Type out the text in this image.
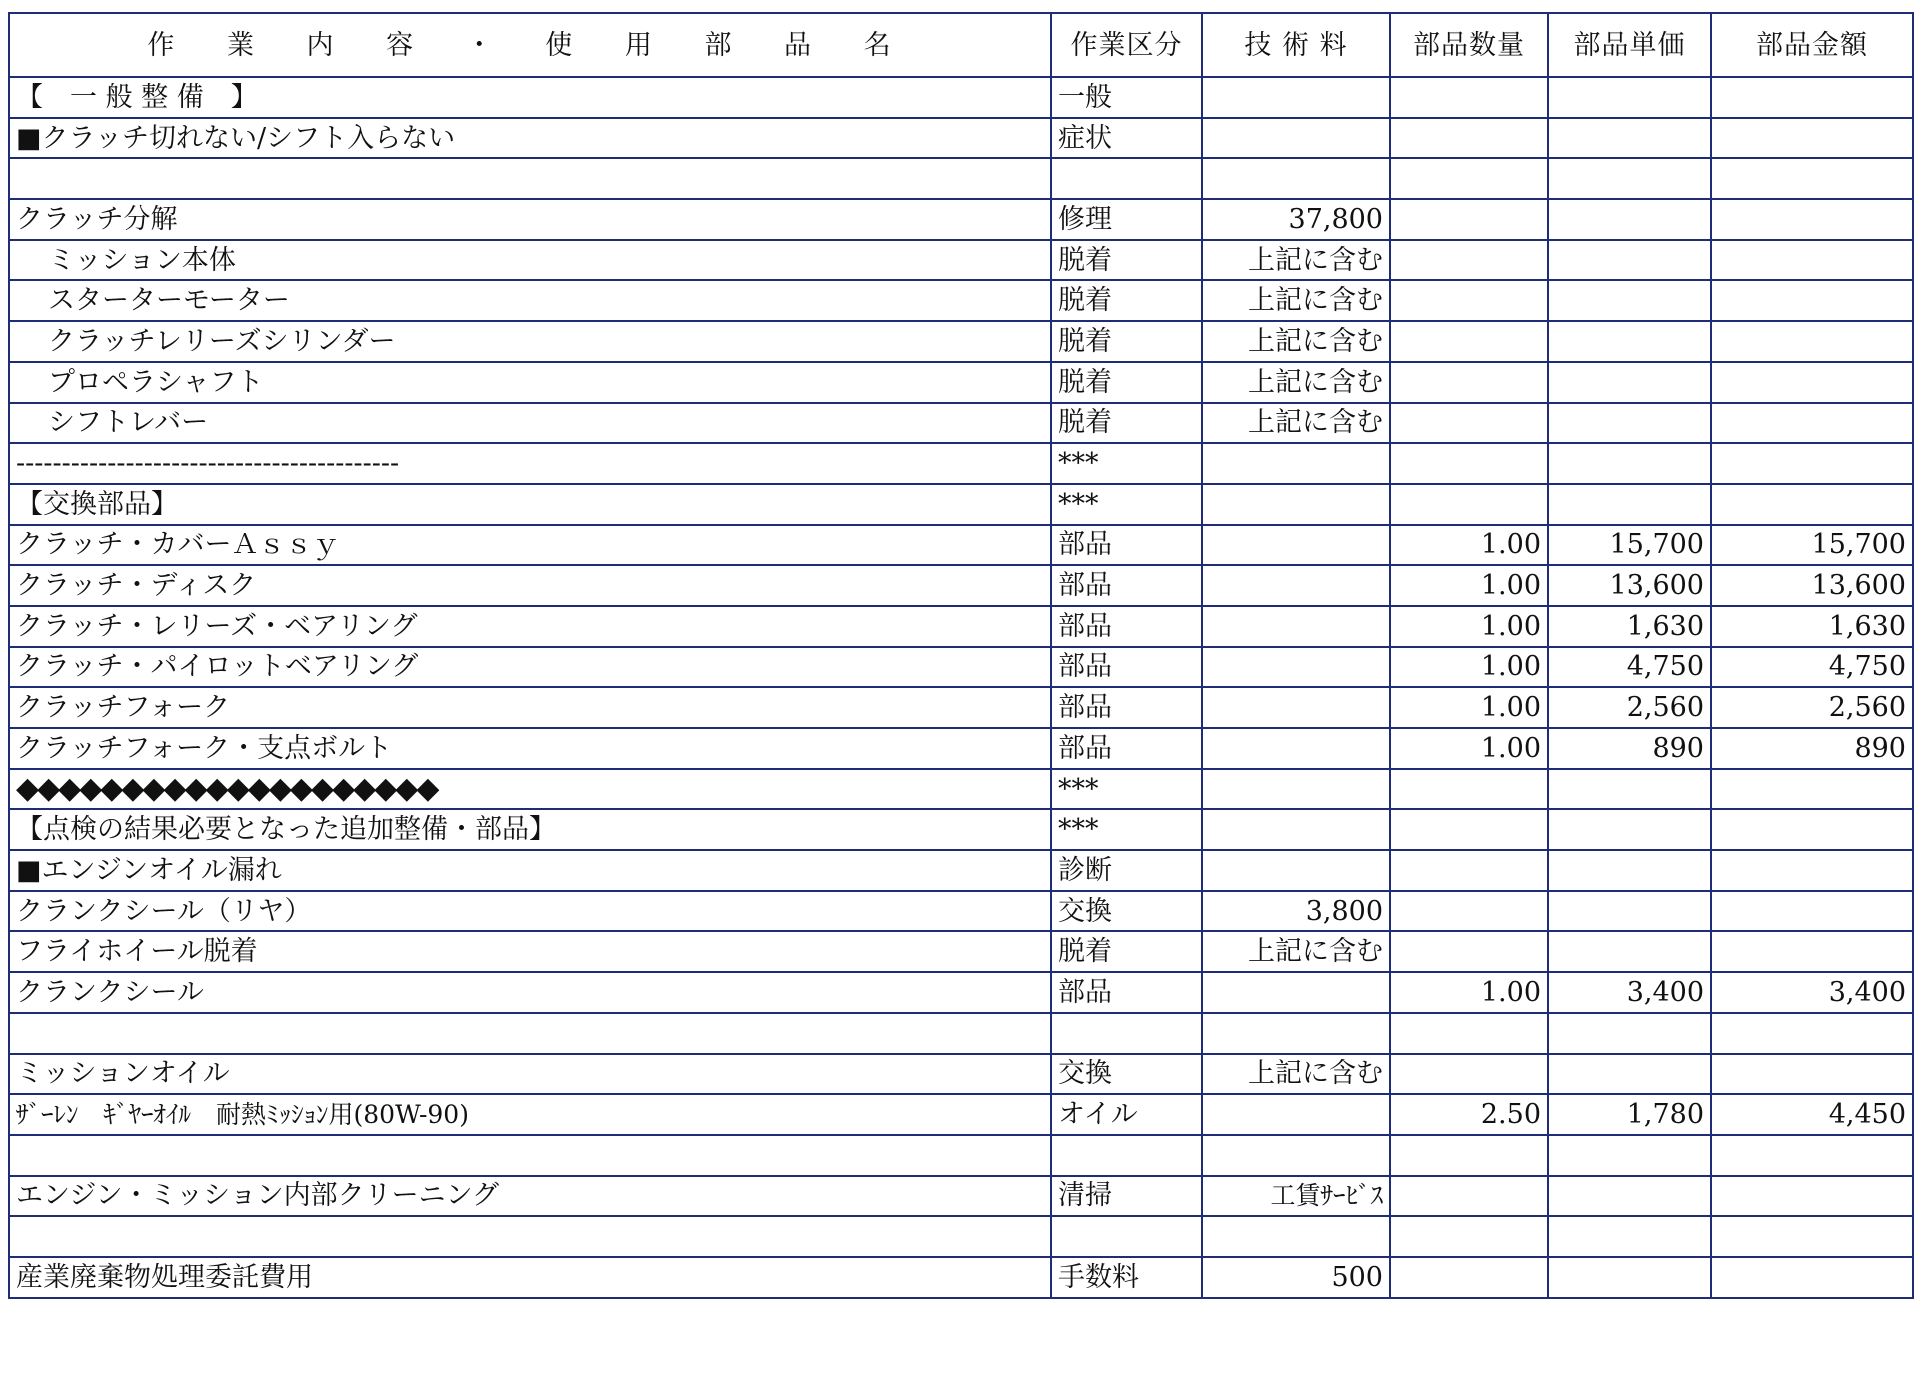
作 業 内 容 ・ 使 用 部 品 名	作業区分	技 術 料	部品数量	部品単価	部品金額
【　一 般 整 備　】	一般				
■クラッチ切れない/シフト入らない	症状				

クラッチ分解	修理	37,800			
ミッション本体	脱着	上記に含む			
スターターモーター	脱着	上記に含む			
クラッチレリーズシリンダー	脱着	上記に含む			
プロペラシャフト	脱着	上記に含む			
シフトレバー	脱着	上記に含む			
------------------------------------------	***				
【交換部品】	***				
クラッチ・カバーＡｓｓｙ	部品		1.00	15,700	15,700
クラッチ・ディスク	部品		1.00	13,600	13,600
クラッチ・レリーズ・ベアリング	部品		1.00	1,630	1,630
クラッチ・パイロットベアリング	部品		1.00	4,750	4,750
クラッチフォーク	部品		1.00	2,560	2,560
クラッチフォーク・支点ボルト	部品		1.00	890	890
◆◆◆◆◆◆◆◆◆◆◆◆◆◆◆◆◆◆◆◆	***				
【点検の結果必要となった追加整備・部品】	***				
■エンジンオイル漏れ	診断				
クランクシール（リヤ）	交換	3,800			
フライホイール脱着	脱着	上記に含む			
クランクシール	部品		1.00	3,400	3,400

ミッションオイル	交換	上記に含む			
ｻﾞｰﾚﾝ　ｷﾞﾔｰｵｲﾙ　耐熱ﾐｯｼｮﾝ用(80W-90)	オイル		2.50	1,780	4,450

エンジン・ミッション内部クリーニング	清掃	工賃ｻｰﾋﾞｽ			

産業廃棄物処理委託費用	手数料	500			
